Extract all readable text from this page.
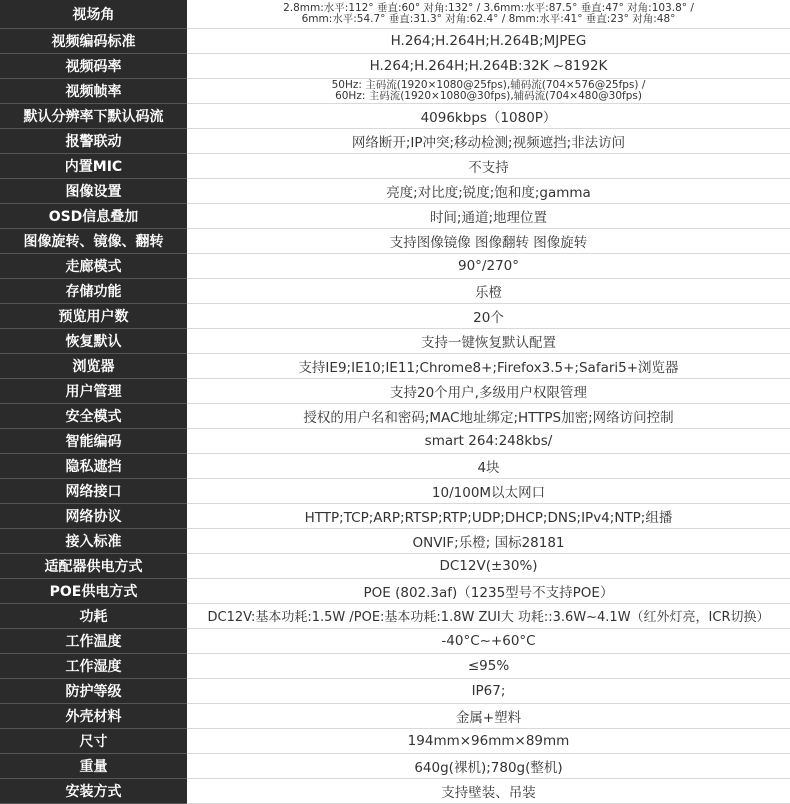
视场角	2.8mm:水平:112° 垂直:60° 对角:132° / 3.6mm:水平:87.5° 垂直:47° 对角:103.8° /
6mm:水平:54.7° 垂直:31.3° 对角:62.4° / 8mm:水平:41° 垂直:23° 对角:48°

视频编码标准	H.264;H.264H;H.264B;MJPEG
视频码率	H.264;H.264H;H.264B:32K ~8192K
视频帧率	50Hz: 主码流(1920×1080@25fps),辅码流(704×576@25fps) /
60Hz: 主码流(1920×1080@30fps),辅码流(704×480@30fps)

默认分辨率下默认码流	4096kbps（1080P）
报警联动	网络断开;IP冲突;移动检测;视频遮挡;非法访问
内置MIC	不支持
图像设置	亮度;对比度;锐度;饱和度;gamma
OSD信息叠加	时间;通道;地理位置
图像旋转、镜像、翻转	支持图像镜像 图像翻转 图像旋转
走廊模式	90°/270°
存储功能	乐橙
预览用户数	20个
恢复默认	支持一键恢复默认配置
浏览器	支持IE9;IE10;IE11;Chrome8+;Firefox3.5+;Safari5+浏览器
用户管理	支持20个用户,多级用户权限管理
安全模式	授权的用户名和密码;MAC地址绑定;HTTPS加密;网络访问控制
智能编码	smart 264:248kbs/
隐私遮挡	4块
网络接口	10/100M以太网口
网络协议	HTTP;TCP;ARP;RTSP;RTP;UDP;DHCP;DNS;IPv4;NTP;组播
接入标准	ONVIF;乐橙; 国标28181
适配器供电方式	DC12V(±30%)
POE供电方式	POE (802.3af)（1235型号不支持POE）
功耗	DC12V:基本功耗:1.5W /POE:基本功耗:1.8W ZUI大 功耗::3.6W~4.1W（红外灯亮，ICR切换）
工作温度	-40°C~+60°C
工作湿度	≤95%
防护等级	IP67;
外壳材料	金属+塑料
尺寸	194mm×96mm×89mm
重量	640g(裸机);780g(整机)
安装方式	支持壁装、吊装
